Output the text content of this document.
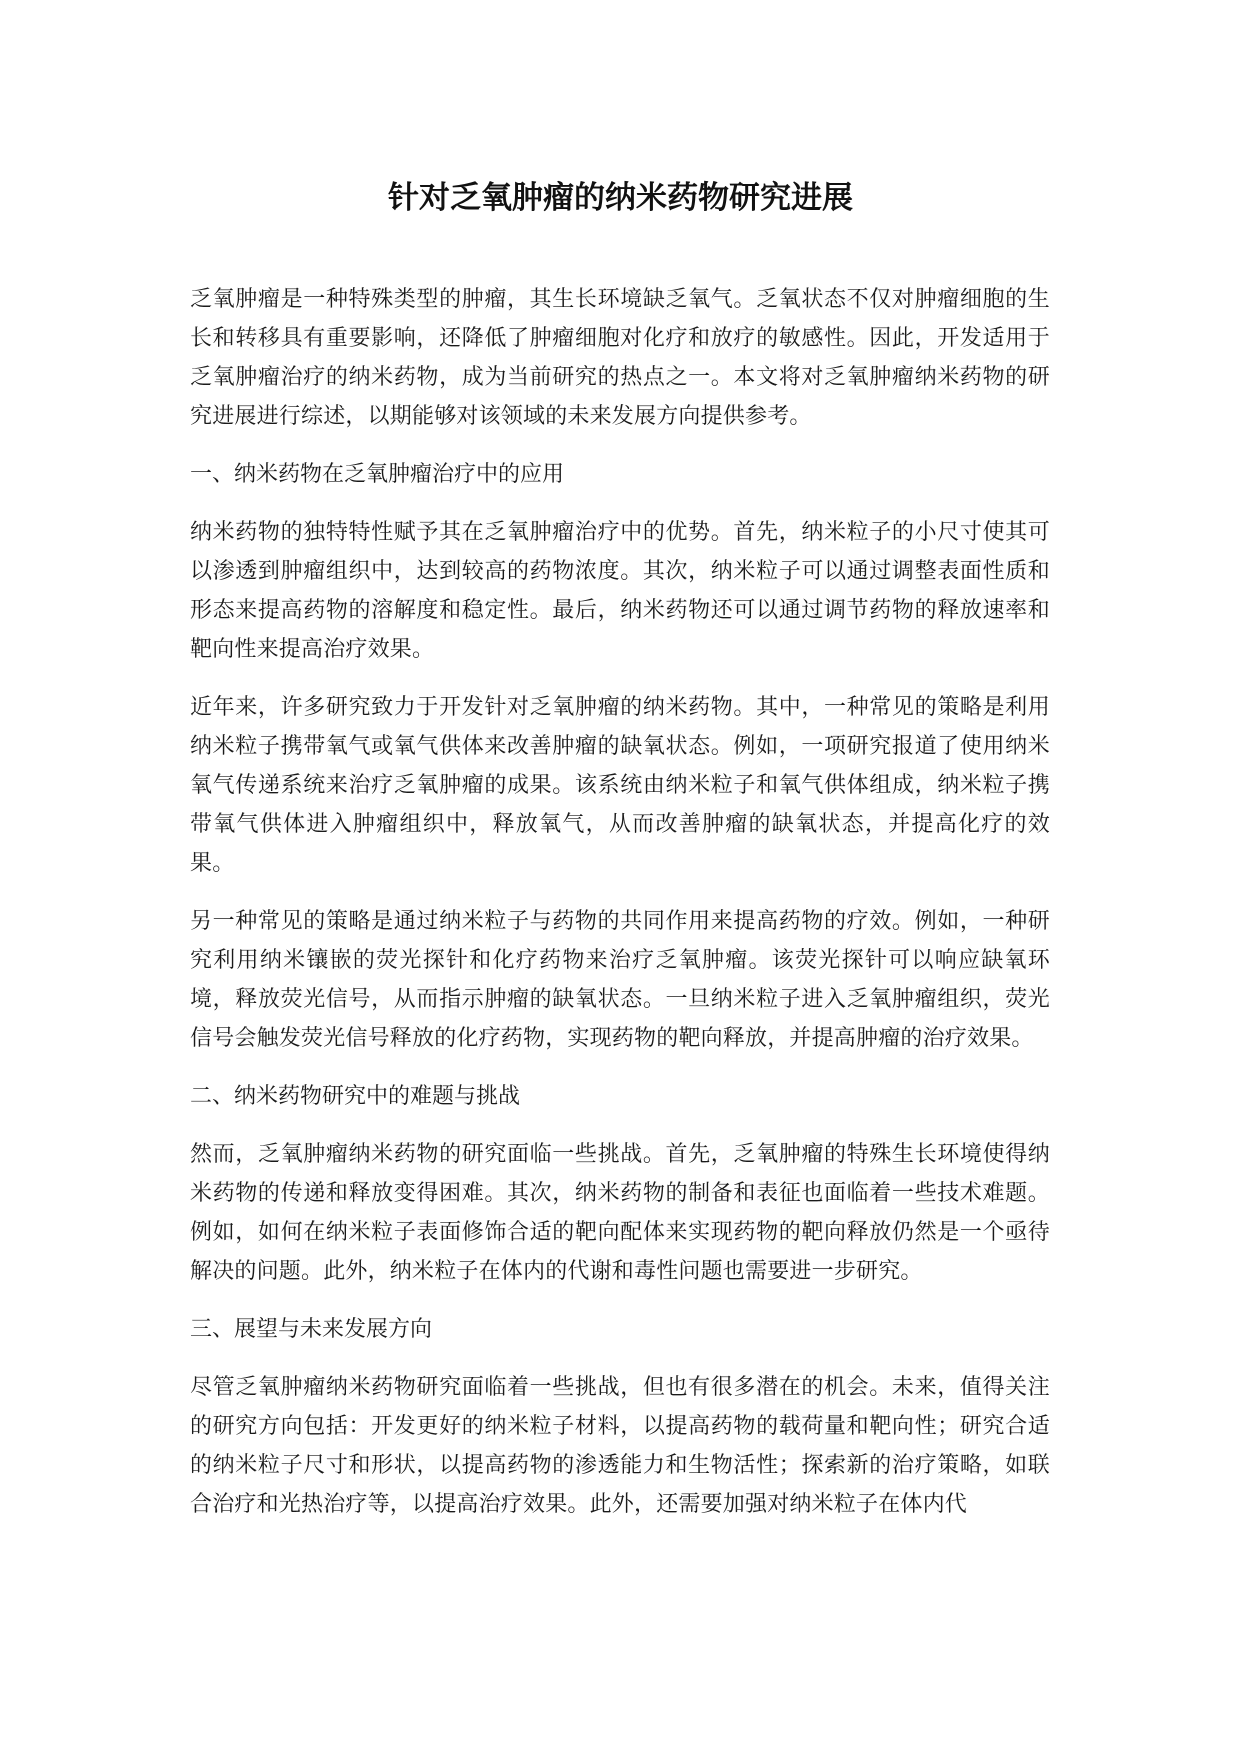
针对乏氧肿瘤的纳米药物研究进展

乏氧肿瘤是一种特殊类型的肿瘤，其生长环境缺乏氧气。乏氧状态不仅对肿瘤细胞的生长和转移具有重要影响，还降低了肿瘤细胞对化疗和放疗的敏感性。因此，开发适用于乏氧肿瘤治疗的纳米药物，成为当前研究的热点之一。本文将对乏氧肿瘤纳米药物的研究进展进行综述，以期能够对该领域的未来发展方向提供参考。

一、纳米药物在乏氧肿瘤治疗中的应用

纳米药物的独特特性赋予其在乏氧肿瘤治疗中的优势。首先，纳米粒子的小尺寸使其可以渗透到肿瘤组织中，达到较高的药物浓度。其次，纳米粒子可以通过调整表面性质和形态来提高药物的溶解度和稳定性。最后，纳米药物还可以通过调节药物的释放速率和靶向性来提高治疗效果。

近年来，许多研究致力于开发针对乏氧肿瘤的纳米药物。其中，一种常见的策略是利用纳米粒子携带氧气或氧气供体来改善肿瘤的缺氧状态。例如，一项研究报道了使用纳米氧气传递系统来治疗乏氧肿瘤的成果。该系统由纳米粒子和氧气供体组成，纳米粒子携带氧气供体进入肿瘤组织中，释放氧气，从而改善肿瘤的缺氧状态，并提高化疗的效果。

另一种常见的策略是通过纳米粒子与药物的共同作用来提高药物的疗效。例如，一种研究利用纳米镶嵌的荧光探针和化疗药物来治疗乏氧肿瘤。该荧光探针可以响应缺氧环境，释放荧光信号，从而指示肿瘤的缺氧状态。一旦纳米粒子进入乏氧肿瘤组织，荧光信号会触发荧光信号释放的化疗药物，实现药物的靶向释放，并提高肿瘤的治疗效果。

二、纳米药物研究中的难题与挑战

然而，乏氧肿瘤纳米药物的研究面临一些挑战。首先，乏氧肿瘤的特殊生长环境使得纳米药物的传递和释放变得困难。其次，纳米药物的制备和表征也面临着一些技术难题。例如，如何在纳米粒子表面修饰合适的靶向配体来实现药物的靶向释放仍然是一个亟待解决的问题。此外，纳米粒子在体内的代谢和毒性问题也需要进一步研究。

三、展望与未来发展方向

尽管乏氧肿瘤纳米药物研究面临着一些挑战，但也有很多潜在的机会。未来，值得关注的研究方向包括：开发更好的纳米粒子材料，以提高药物的载荷量和靶向性；研究合适的纳米粒子尺寸和形状，以提高药物的渗透能力和生物活性；探索新的治疗策略，如联合治疗和光热治疗等，以提高治疗效果。此外，还需要加强对纳米粒子在体内代
